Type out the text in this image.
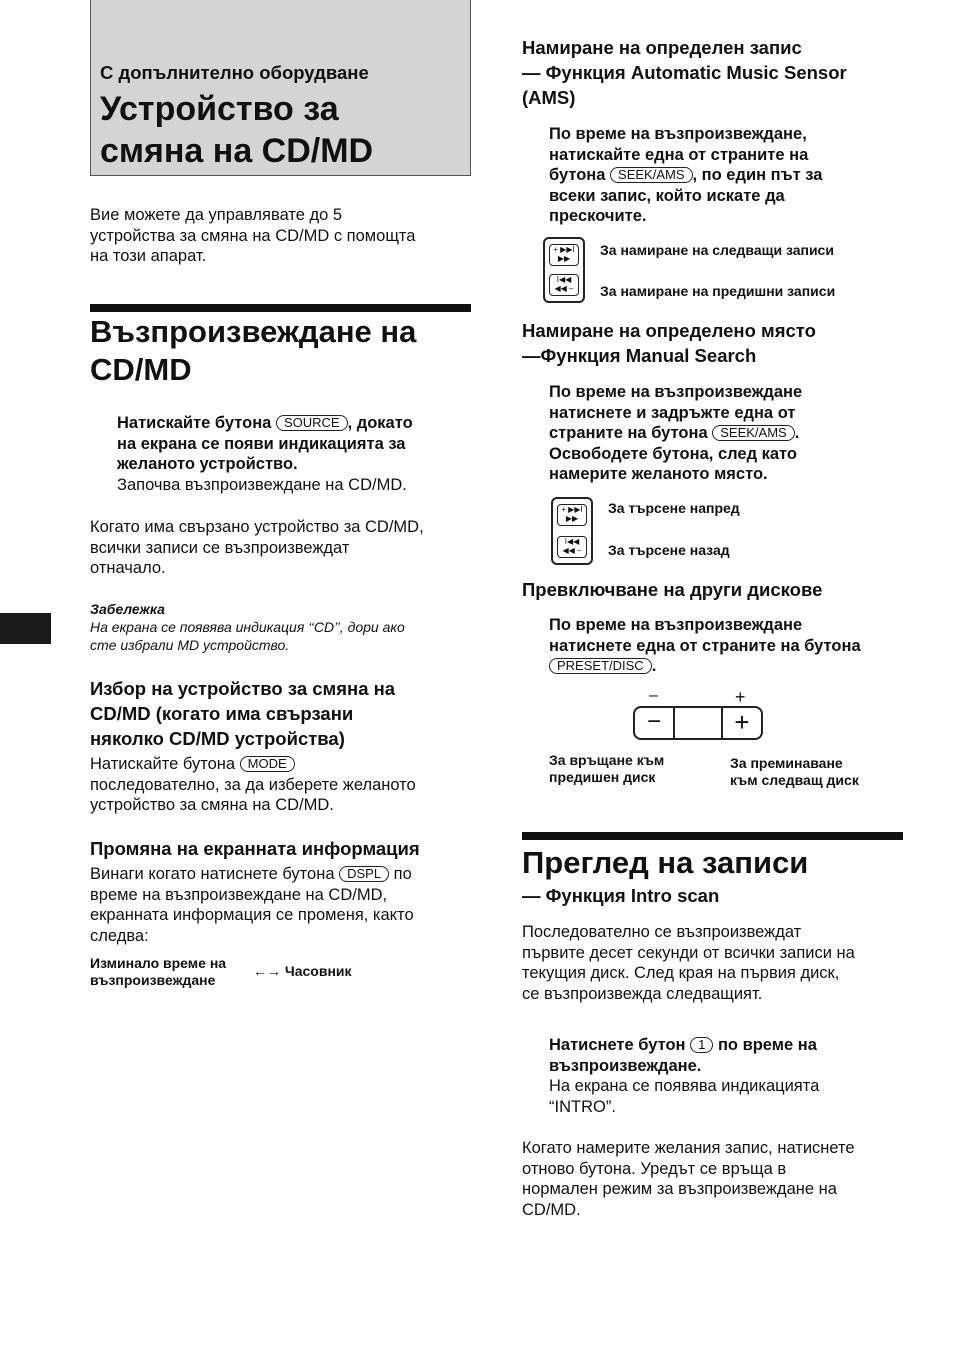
С допълнително оборудване
Устройство за
смяна на CD/MD
Вие можете да управлявате до 5
устройства за смяна на CD/MD с помощта
на този апарат.
Възпроизвеждане на
CD/MD
Натискайте бутона SOURCE , докато
на екрана се появи индикацията за
желаното устройство.
Започва възпроизвеждане на CD/MD.
Когато има свързано устройство за CD/MD,
всички записи се възпроизвеждат
отначало.
Забележка
На екрана се появява индикация ‘‘CD’’, дори ако
сте избрали MD устройство.
Избор на устройство за смяна на
CD/MD (когато има свързани
няколко CD/MD устройства)
Натискайте бутона MODE
последователно, за да изберете желаното
устройство за смяна на CD/MD.
Промяна на екранната информация
Винаги когато натиснете бутона DSPL по
време на възпроизвеждане на CD/MD,
екранната информация се променя, както
следва:
Изминало време на
възпроизвеждане
←→ Часовник
Намиране на определен запис
— Функция Automatic Music Sensor
(AMS)
По време на възпроизвеждане,
натискайте една от страните на
бутона SEEK/AMS , по един път за
всеки запис, който искате да
прескочите.
+ ▶▶I ▶▶
I◀◀ ◀◀ –
За намиране на следващи записи
За намиране на предишни записи
Намиране на определено място
—Функция Manual Search
По време на възпроизвеждане
натиснете и задръжте една от
страните на бутона SEEK/AMS .
Освободете бутона, след като
намерите желаното място.
+ ▶▶I ▶▶
I◀◀ ◀◀ –
За търсене напред
За търсене назад
Превключване на други дискове
По време на възпроизвеждане
натиснете една от страните на бутона
PRESET/DISC .
–	+
−	+
За връщане към
предишен диск
За преминаване
към следващ диск
Преглед на записи
— Функция Intro scan
Последователно се възпроизвеждат
първите десет секунди от всички записи на
текущия диск. След края на първия диск,
се възпроизвежда следващият.
Натиснете бутон 1 по време на
възпроизвеждане.
На екрана се появява индикацията
“INTRO”.
Когато намерите желания запис, натиснете
отново бутона. Уредът се връща в
нормален режим за възпроизвеждане на
CD/MD.
